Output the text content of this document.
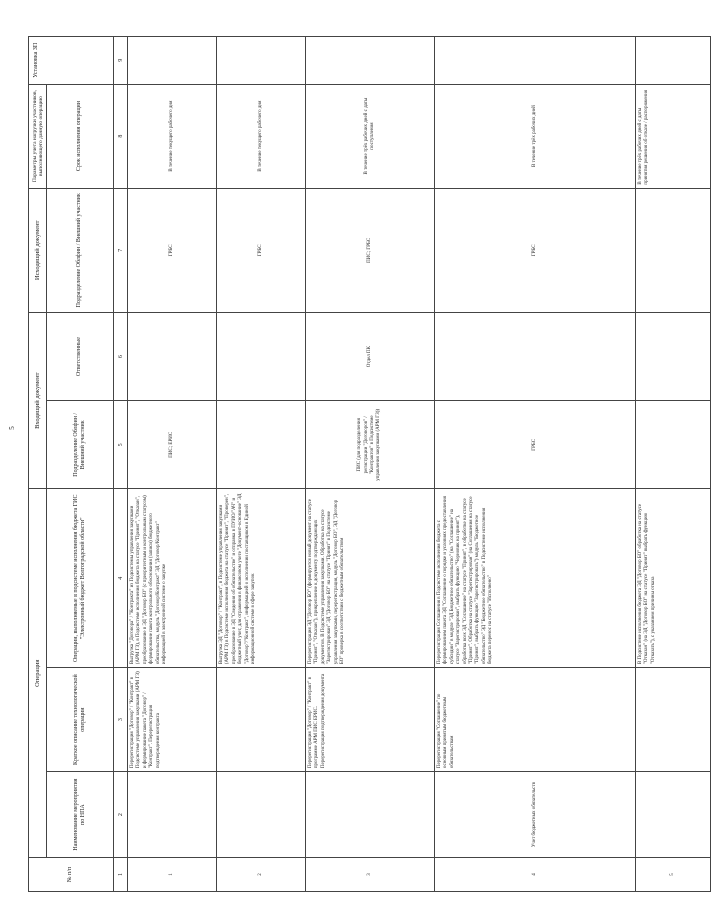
5
№ п/п	Операция			Входящий документ		Исходящий документ	Параметры учета нагрузки участников, выполняющего данную операцию	Установка ЗП
	Наименование мероприятия по НПА	Краткое описание технологической операции	Операции, выполняемые в подсистеме исполнения бюджета ГИС "Электронный бюджет Волгоградской области"	Подразделение Облфин / Внешний участник	Ответственные	Подразделение Облфин / Внешний участник	Срок исполнения операции	
1	2	3	4	5	6	7	8	9
1		Перерегистрация "Договор" / "Контракт" в Подсистеме управления закупками (АРМ ГЗ) и формирование пакета "Договор" / "Контракт". Перерегистрация подтверждения контракта	Выгрузка "Договора" / "Контракта" из Подсистемы управления закупками (АРМ ГЗ), в Подсистеме исполнения бюджета на статусе "Принят", "Отказан", преобразование в ЭД "Договор БО" (с приоритетным и контрольным статусом) формирование пакета контрольного обоснования (записи) бюджетного обязательства, модуль "Договор/Контракт" ЭД "Договор/Контракт" информацией в электронной системе о закупке	ПИС; ЕРИС		ГРБС	В течение текущего рабочего дня	
2			Выгрузка ЭД "Договор" / "Контракт", в Подсистеме управления закупками (АРМ ГЗ) в Подсистеме исполнения бюджета на статусе "Принят", "Проверен", преобразование в ЭД "Сведения об обязательстве" и отправка в ПУИО/"АЧ" и бюджетный учет, для отражения в финансовом учете "Документ-основание" ЭД "Договор"/"Контракт", информацией о исполнении поставщиком в Единой информационной системе в сфере закупок			ГРБС	В течение текущего рабочего дня	
3		Перерегистрация "Договор" / "Контракт" в программе АРМ ПИС ЕРИС. Перерегистрация подтверждения документа	Перерегистрация ЭД "Договор БО" (формируется новый документ на статусе "Принят", "Отказан"), прикрепление к документу подтверждающих документов. В Подсистеме управления закупками. Обработка на статусе "Зарегистрирован" ЭД "Договор БО" на статусе "Принят" в Подсистеме управления закупками, перерегистрация, модуль "Договор БО", ЭД "Договор БО" проверка в соответствии с бюджетным обязательством	ПИС (для подразделения регистрации "Договоров" / "Контрактов" в Подсистеме управления закупками (АРМ ГЗ))	Отдел ПК	ПИС; ГРБС	В течение трёх рабочих дней с даты поступления	
4	Учет бюджетных обязательств	Перерегистрация "Соглашение" по основным принятым бюджетным обязательствам	Перерегистрация Соглашения в Подсистеме исполнения бюджета с формированием пакета ЭД "Соглашение о порядке и условиях предоставления субсидии" в модуле "ЭД Бюджетное обязательство" (на "Соглашение" на статусе "Зарегистрирован", выбрать функцию "Черновик на принят"), обработка всех ЭД "Соглашение" на статусе "Принят", в обработке на статусе "Принят". Обработка на статусе "Зарегистрирован" (на Соглашения на статусе "Принят", выбрать функцию "Зарегистрировать") модуль "Бюджетное обязательство" ЭД "Бюджетное обязательство" в Подсистеме исполнения бюджета перенос на статусе "Исполнено"	ГРБС		ГРБС	В течение трёх рабочих дней	
5			В Подсистеме исполнения бюджета ЭД "Договор БО" обработка на статусе "Отказан" (на ЭД "Договор БО" на статусе "Принят" выбрать функцию "Отказать"), с указанием причины отказа				В течение трёх рабочих дней с даты принятия решения об отказе / распоряжения	
